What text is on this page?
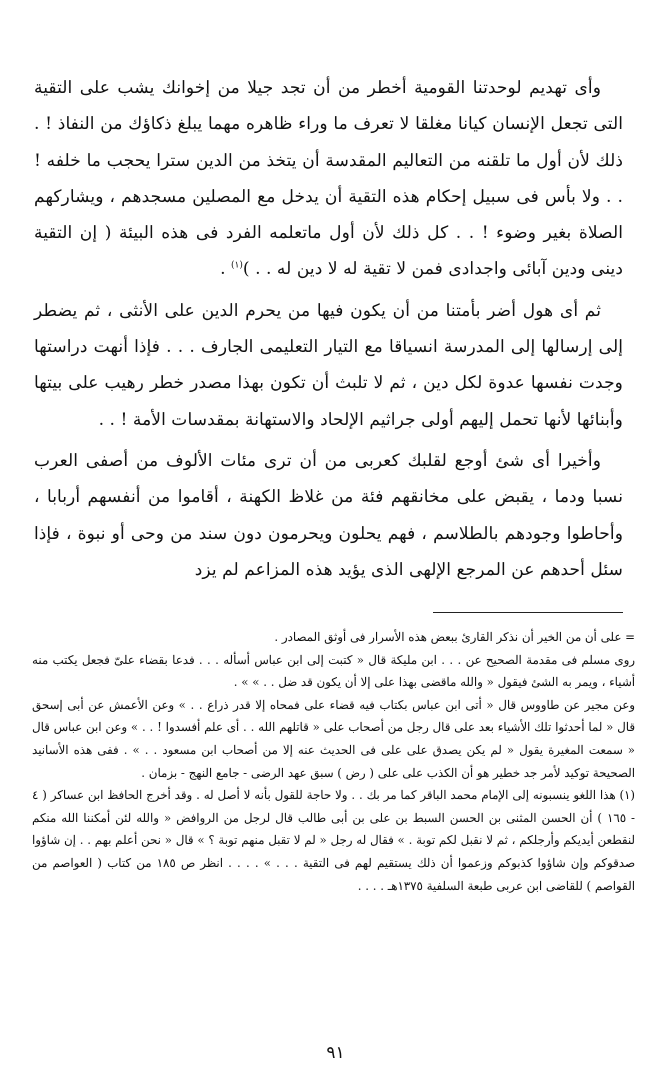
وأى تهديم لوحدتنا القومية أخطر من أن تجد جيلا من إخوانك يشب على التقية التى تجعل الإنسان كيانا مغلقا لا تعرف ما وراء ظاهره مهما يبلغ ذكاؤك من النفاذ ! . ذلك لأن أول ما تلقنه من التعاليم المقدسة أن يتخذ من الدين سترا يحجب ما خلفه ! . . ولا بأس فى سبيل إحكام هذه التقية أن يدخل مع المصلين مسجدهم ، ويشاركهم الصلاة بغير وضوء ! . . كل ذلك لأن أول ماتعلمه الفرد فى هذه البيئة ( إن التقية دينى ودين آبائى واجدادى فمن لا تقية له لا دين له . . )$^{(١)}$ .

ثم أى هول أضر بأمتنا من أن يكون فيها من يحرم الدين على الأنثى ، ثم يضطر إلى إرسالها إلى المدرسة انسياقا مع التيار التعليمى الجارف . . . فإذا أنهت دراستها وجدت نفسها عدوة لكل دين ، ثم لا تلبث أن تكون بهذا مصدر خطر رهيب على بيتها وأبنائها لأنها تحمل إليهم أولى جراثيم الإلحاد والاستهانة بمقدسات الأمة ! . .

وأخيرا أى شئ أوجع لقلبك كعربى من أن ترى مئات الألوف من أصفى العرب نسبا ودما ، يقبض على مخانقهم فئة من غلاظ الكهنة ، أقاموا من أنفسهم أربابا ، وأحاطوا وجودهم بالطلاسم ، فهم يحلون ويحرمون دون سند من وحى أو نبوة ، فإذا سئل أحدهم عن المرجع الإلهى الذى يؤيد هذه المزاعم لم يزد

= على أن من الخير أن نذكر القارئ ببعض هذه الأسرار فى أوثق المصادر .

روى مسلم فى مقدمة الصحيح عن . . . ابن مليكة قال « كتبت إلى ابن عباس أسأله . . . فدعا بقضاء علىّ فجعل يكتب منه أشياء ، ويمر به الشئ فيقول « والله ماقضى بهذا على إلا أن يكون قد ضل . . » » .

وعن مجير عن طاووس قال « أتى ابن عباس بكتاب فيه قضاء على فمحاه إلا قدر ذراع . . » وعن الأعمش عن أبى إسحق قال « لما أحدثوا تلك الأشياء بعد على قال رجل من أصحاب على « قاتلهم الله . . أى علم أفسدوا ! . . » وعن ابن عباس قال « سمعت المغيرة يقول « لم يكن يصدق على على فى الحديث عنه إلا من أصحاب ابن مسعود . . » . ففى هذه الأسانيد الصحيحة توكيد لأمر جد خطير هو أن الكذب على على ( رض ) سبق عهد الرضى - جامع النهج - بزمان .

(١) هذا اللغو ينسبونه إلى الإمام محمد الباقر كما مر بك . . ولا حاجة للقول بأنه لا أصل له . وقد أخرج الحافظ ابن عساكر ( ٤ - ١٦٥ ) أن الحسن المثنى بن الحسن السبط بن على بن أبى طالب قال لرجل من الروافض « والله لئن أمكننا الله منكم لنقطعن أيديكم وأرجلكم ، ثم لا نقبل لكم توبة . » فقال له رجل « لم لا تقبل منهم توبة ؟ » قال « نحن أعلم بهم . . إن شاؤوا صدقوكم وإن شاؤوا كذبوكم وزعموا أن ذلك يستقيم لهم فى التقية . . . » . . . . انظر ص ١٨٥ من كتاب ( العواصم من القواصم ) للقاضى ابن عربى طبعة السلفية ١٣٧٥هـ . . . .

٩١
